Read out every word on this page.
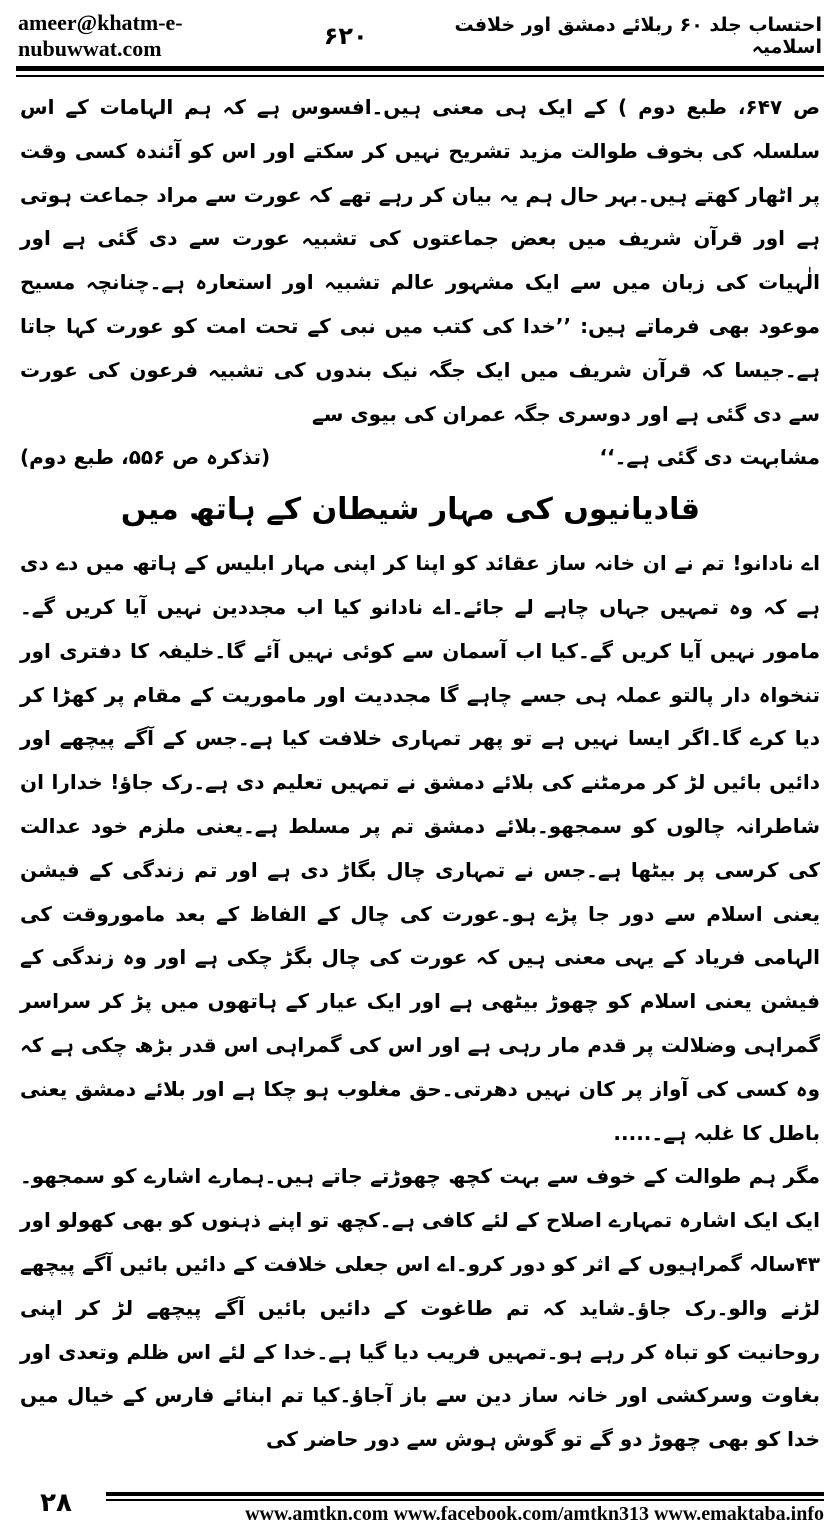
ameer@khatm-e-nubuwwat.com
احتساب جلد ۶۰ ربلائے دمشق اور خلافت اسلامیہ
۶۲۰

ص ۶۴۷، طبع دوم ) کے ایک ہی معنی ہیں۔افسوس ہے کہ ہم الہامات کے اس سلسلہ کی بخوف طوالت مزید تشریح نہیں کر سکتے اور اس کو آئندہ کسی وقت پر اٹھار کھتے ہیں۔بہر حال ہم یہ بیان کر رہے تھے کہ عورت سے مراد جماعت ہوتی ہے اور قرآن شریف میں بعض جماعتوں کی تشبیہ عورت سے دی گئی ہے اور الٰہیات کی زبان میں سے ایک مشہور عالم تشبیہ اور استعارہ ہے۔چنانچہ مسیح موعود بھی فرماتے ہیں: ’’خدا کی کتب میں نبی کے تحت امت کو عورت کہا جاتا ہے۔جیسا کہ قرآن شریف میں ایک جگہ نیک بندوں کی تشبیہ فرعون کی عورت سے دی گئی ہے اور دوسری جگہ عمران کی بیوی سے

مشابہت دی گئی ہے۔‘‘
(تذکرہ ص ۵۵۶، طبع دوم)
قادیانیوں کی مہار شیطان کے ہاتھ میں

اے نادانو! تم نے ان خانہ ساز عقائد کو اپنا کر اپنی مہار ابلیس کے ہاتھ میں دے دی ہے کہ وہ تمہیں جہاں چاہے لے جائے۔اے نادانو کیا اب مجددین نہیں آیا کریں گے۔مامور نہیں آیا کریں گے۔کیا اب آسمان سے کوئی نہیں آئے گا۔خلیفہ کا دفتری اور تنخواہ دار پالتو عملہ ہی جسے چاہے گا مجددیت اور ماموریت کے مقام پر کھڑا کر دیا کرے گا۔اگر ایسا نہیں ہے تو پھر تمہاری خلافت کیا ہے۔جس کے آگے پیچھے اور دائیں بائیں لڑ کر مرمٹنے کی بلائے دمشق نے تمہیں تعلیم دی ہے۔رک جاؤ! خدارا ان شاطرانہ چالوں کو سمجھو۔بلائے دمشق تم پر مسلط ہے۔یعنی ملزم خود عدالت کی کرسی پر بیٹھا ہے۔جس نے تمہاری چال بگاڑ دی ہے اور تم زندگی کے فیشن یعنی اسلام سے دور جا پڑے ہو۔عورت کی چال کے الفاظ کے بعد ماموروقت کی الہامی فریاد کے یہی معنی ہیں کہ عورت کی چال بگڑ چکی ہے اور وہ زندگی کے فیشن یعنی اسلام کو چھوڑ بیٹھی ہے اور ایک عیار کے ہاتھوں میں پڑ کر سراسر گمراہی وضلالت پر قدم مار رہی ہے اور اس کی گمراہی اس قدر بڑھ چکی ہے کہ وہ کسی کی آواز پر کان نہیں دھرتی۔حق مغلوب ہو چکا ہے اور بلائے دمشق یعنی باطل کا غلبہ ہے۔.....

مگر ہم طوالت کے خوف سے بہت کچھ چھوڑتے جاتے ہیں۔ہمارے اشارے کو سمجھو۔ایک ایک اشارہ تمہارے اصلاح کے لئے کافی ہے۔کچھ تو اپنے ذہنوں کو بھی کھولو اور ۴۳سالہ گمراہیوں کے اثر کو دور کرو۔اے اس جعلی خلافت کے دائیں بائیں آگے پیچھے لڑنے والو۔رک جاؤ۔شاید کہ تم طاغوت کے دائیں بائیں آگے پیچھے لڑ کر اپنی روحانیت کو تباہ کر رہے ہو۔تمہیں فریب دیا گیا ہے۔خدا کے لئے اس ظلم وتعدی اور بغاوت وسرکشی اور خانہ ساز دین سے باز آجاؤ۔کیا تم ابنائے فارس کے خیال میں خدا کو بھی چھوڑ دو گے تو گوش ہوش سے دور حاضر کی

۲۸	www.amtkn.com www.facebook.com/amtkn313 www.emaktaba.info
